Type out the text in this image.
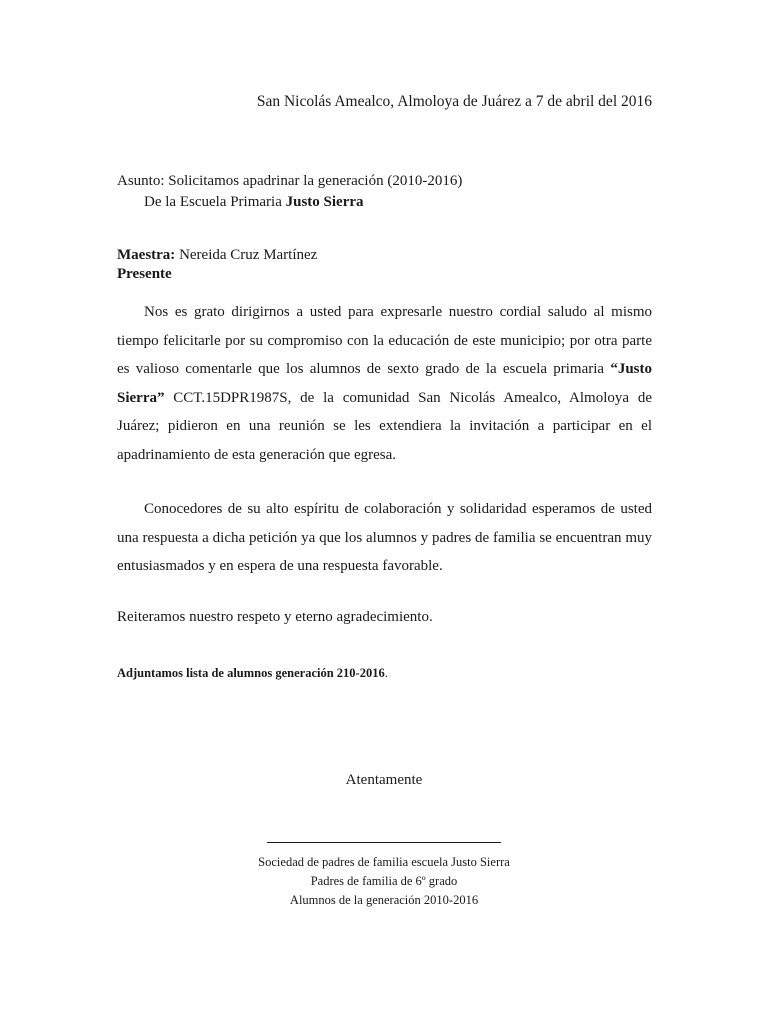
San Nicolás Amealco, Almoloya de Juárez a 7 de abril del 2016
Asunto: Solicitamos apadrinar la generación (2010-2016)
De la Escuela Primaria Justo Sierra
Maestra: Nereida Cruz Martínez
Presente
Nos es grato dirigirnos a usted para expresarle nuestro cordial saludo al mismo tiempo felicitarle por su compromiso con la educación de este municipio; por otra parte es valioso comentarle que los alumnos de sexto grado de la escuela primaria “Justo Sierra” CCT.15DPR1987S, de la comunidad San Nicolás Amealco, Almoloya de Juárez; pidieron en una reunión se les extendiera la invitación a participar en el apadrinamiento de esta generación que egresa.
Conocedores de su alto espíritu de colaboración y solidaridad esperamos de usted una respuesta a dicha petición ya que los alumnos y padres de familia se encuentran muy entusiasmados y en espera de una respuesta favorable.
Reiteramos nuestro respeto y eterno agradecimiento.
Adjuntamos lista de alumnos generación 210-2016.
Atentamente
Sociedad de padres de familia escuela Justo Sierra
Padres de familia de 6º grado
Alumnos de la generación 2010-2016
